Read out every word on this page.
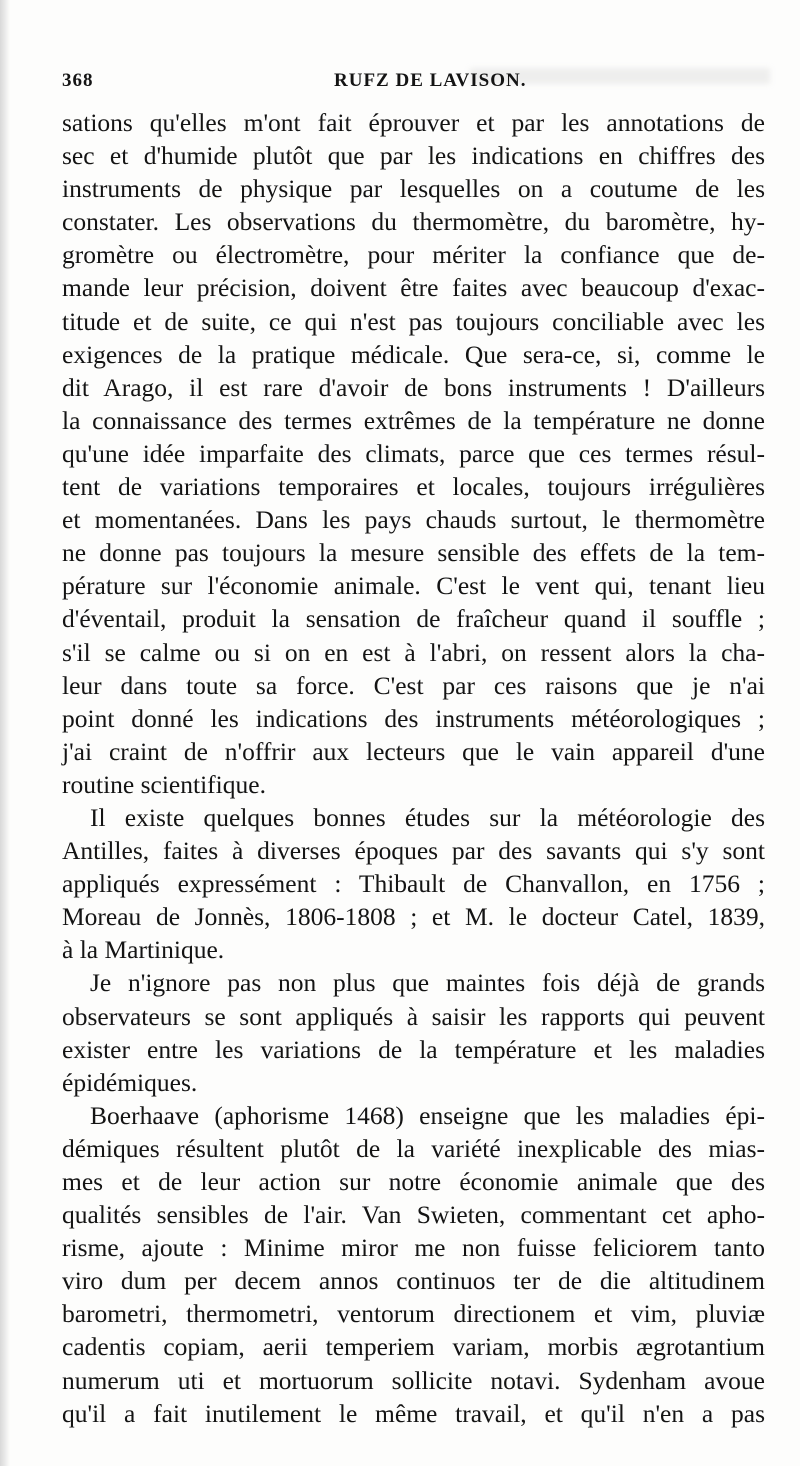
368	RUFZ DE LAVISON.
sations qu'elles m'ont fait éprouver et par les annotations de
sec et d'humide plutôt que par les indications en chiffres des
instruments de physique par lesquelles on a coutume de les
constater. Les observations du thermomètre, du baromètre, hy-
gromètre ou électromètre, pour mériter la confiance que de-
mande leur précision, doivent être faites avec beaucoup d'exac-
titude et de suite, ce qui n'est pas toujours conciliable avec les
exigences de la pratique médicale. Que sera-ce, si, comme le
dit Arago, il est rare d'avoir de bons instruments ! D'ailleurs
la connaissance des termes extrêmes de la température ne donne
qu'une idée imparfaite des climats, parce que ces termes résul-
tent de variations temporaires et locales, toujours irrégulières
et momentanées. Dans les pays chauds surtout, le thermomètre
ne donne pas toujours la mesure sensible des effets de la tem-
pérature sur l'économie animale. C'est le vent qui, tenant lieu
d'éventail, produit la sensation de fraîcheur quand il souffle ;
s'il se calme ou si on en est à l'abri, on ressent alors la cha-
leur dans toute sa force. C'est par ces raisons que je n'ai
point donné les indications des instruments météorologiques ;
j'ai craint de n'offrir aux lecteurs que le vain appareil d'une
routine scientifique.
Il existe quelques bonnes études sur la météorologie des
Antilles, faites à diverses époques par des savants qui s'y sont
appliqués expressément : Thibault de Chanvallon, en 1756 ;
Moreau de Jonnès, 1806-1808 ; et M. le docteur Catel, 1839,
à la Martinique.
Je n'ignore pas non plus que maintes fois déjà de grands
observateurs se sont appliqués à saisir les rapports qui peuvent
exister entre les variations de la température et les maladies
épidémiques.
Boerhaave (aphorisme 1468) enseigne que les maladies épi-
démiques résultent plutôt de la variété inexplicable des mias-
mes et de leur action sur notre économie animale que des
qualités sensibles de l'air. Van Swieten, commentant cet apho-
risme, ajoute : Minime miror me non fuisse feliciorem tanto
viro dum per decem annos continuos ter de die altitudinem
barometri, thermometri, ventorum directionem et vim, pluviæ
cadentis copiam, aerii temperiem variam, morbis ægrotantium
numerum uti et mortuorum sollicite notavi. Sydenham avoue
qu'il a fait inutilement le même travail, et qu'il n'en a pas
